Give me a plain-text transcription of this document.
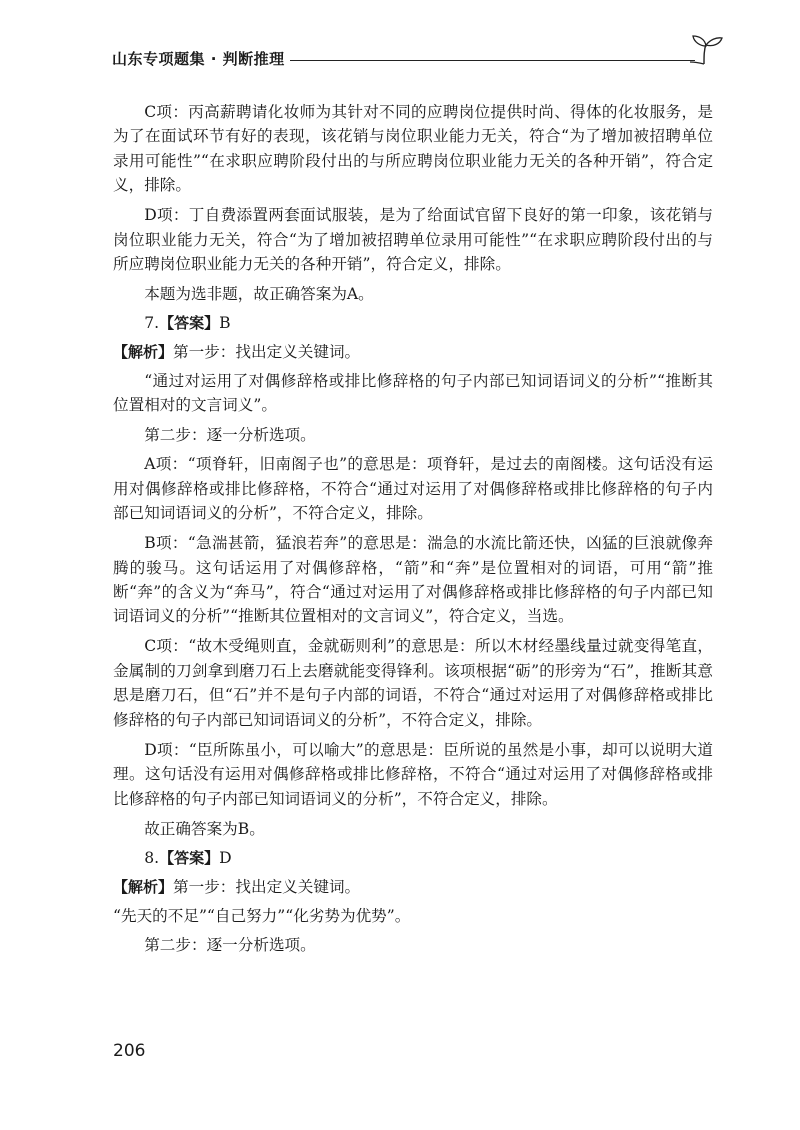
山东专项题集 · 判断推理

C项：丙高薪聘请化妆师为其针对不同的应聘岗位提供时尚、得体的化妆服务，是为了在面试环节有好的表现，该花销与岗位职业能力无关，符合“为了增加被招聘单位录用可能性”“在求职应聘阶段付出的与所应聘岗位职业能力无关的各种开销”，符合定义，排除。

D项：丁自费添置两套面试服装，是为了给面试官留下良好的第一印象，该花销与岗位职业能力无关，符合“为了增加被招聘单位录用可能性”“在求职应聘阶段付出的与所应聘岗位职业能力无关的各种开销”，符合定义，排除。

本题为选非题，故正确答案为A。

7.【答案】B

【解析】第一步：找出定义关键词。

“通过对运用了对偶修辞格或排比修辞格的句子内部已知词语词义的分析”“推断其位置相对的文言词义”。

第二步：逐一分析选项。

A项：“项脊轩，旧南阁子也”的意思是：项脊轩，是过去的南阁楼。这句话没有运用对偶修辞格或排比修辞格，不符合“通过对运用了对偶修辞格或排比修辞格的句子内部已知词语词义的分析”，不符合定义，排除。

B项：“急湍甚箭，猛浪若奔”的意思是：湍急的水流比箭还快，凶猛的巨浪就像奔腾的骏马。这句话运用了对偶修辞格，“箭”和“奔”是位置相对的词语，可用“箭”推断“奔”的含义为“奔马”，符合“通过对运用了对偶修辞格或排比修辞格的句子内部已知词语词义的分析”“推断其位置相对的文言词义”，符合定义，当选。

C项：“故木受绳则直，金就砺则利”的意思是：所以木材经墨线量过就变得笔直，金属制的刀剑拿到磨刀石上去磨就能变得锋利。该项根据“砺”的形旁为“石”，推断其意思是磨刀石，但“石”并不是句子内部的词语，不符合“通过对运用了对偶修辞格或排比修辞格的句子内部已知词语词义的分析”，不符合定义，排除。

D项：“臣所陈虽小，可以喻大”的意思是：臣所说的虽然是小事，却可以说明大道理。这句话没有运用对偶修辞格或排比修辞格，不符合“通过对运用了对偶修辞格或排比修辞格的句子内部已知词语词义的分析”，不符合定义，排除。

故正确答案为B。

8.【答案】D

【解析】第一步：找出定义关键词。

“先天的不足”“自己努力”“化劣势为优势”。

第二步：逐一分析选项。

206
